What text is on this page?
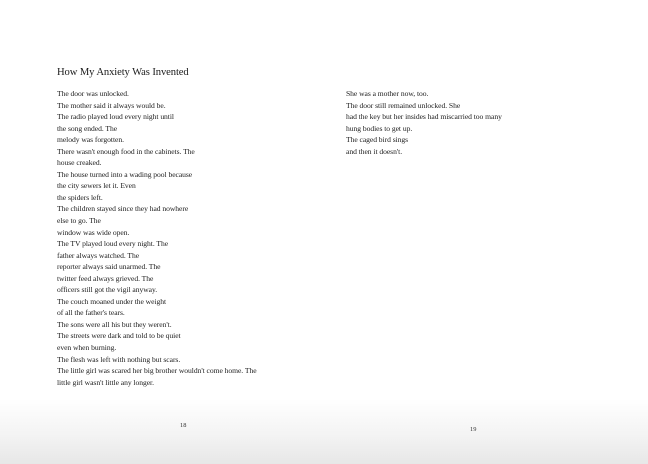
How My Anxiety Was Invented
The door was unlocked.
The mother said it always would be.
The radio played loud every night until
the song ended. The
melody was forgotten.
There wasn't enough food in the cabinets. The
house creaked.
The house turned into a wading pool because
the city sewers let it. Even
the spiders left.
The children stayed since they had nowhere
else to go. The
window was wide open.
The TV played loud every night. The
father always watched. The
reporter always said unarmed. The
twitter feed always grieved. The
officers still got the vigil anyway.
The couch moaned under the weight
of all the father's tears.
The sons were all his but they weren't.
The streets were dark and told to be quiet
even when burning.
The flesh was left with nothing but scars.
The little girl was scared her big brother wouldn't come home. The
little girl wasn't little any longer.
18
She was a mother now, too.
The door still remained unlocked. She
had the key but her insides had miscarried too many
hung bodies to get up.
The caged bird sings
and then it doesn't.
19
